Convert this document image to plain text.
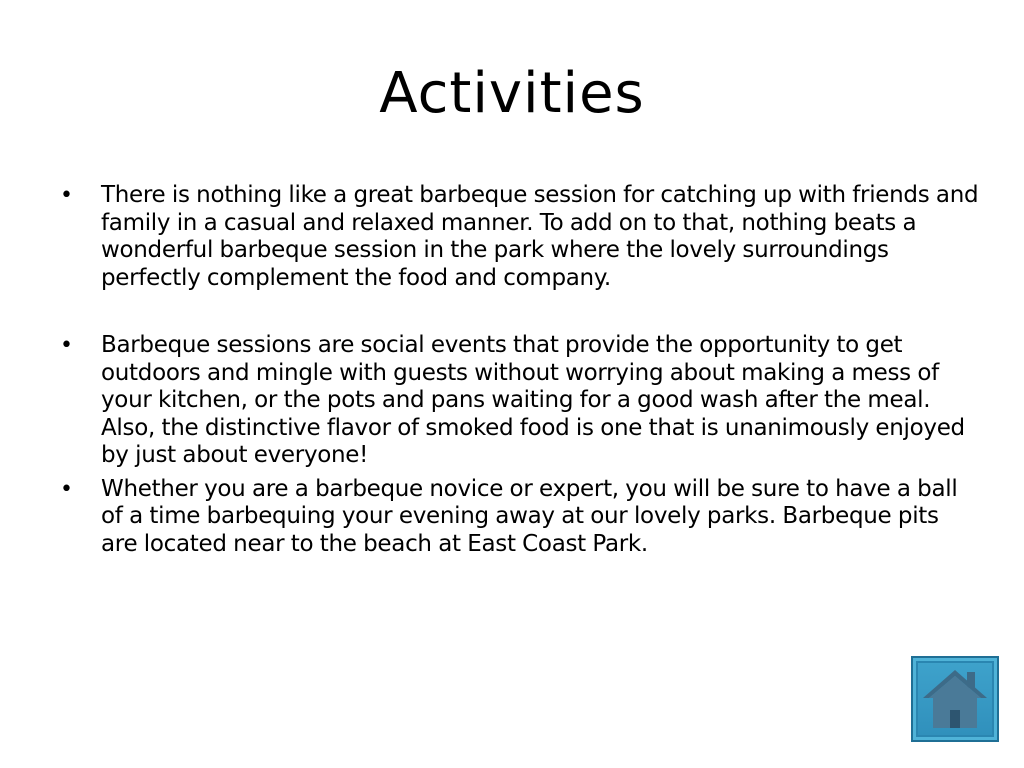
Activities
• There is nothing like a great barbeque session for catching up with friends and family in a casual and relaxed manner. To add on to that, nothing beats a wonderful barbeque session in the park where the lovely surroundings perfectly complement the food and company.
• Barbeque sessions are social events that provide the opportunity to get outdoors and mingle with guests without worrying about making a mess of your kitchen, or the pots and pans waiting for a good wash after the meal. Also, the distinctive flavor of smoked food is one that is unanimously enjoyed by just about everyone!
• Whether you are a barbeque novice or expert, you will be sure to have a ball of a time barbequing your evening away at our lovely parks. Barbeque pits are located near to the beach at East Coast Park.
